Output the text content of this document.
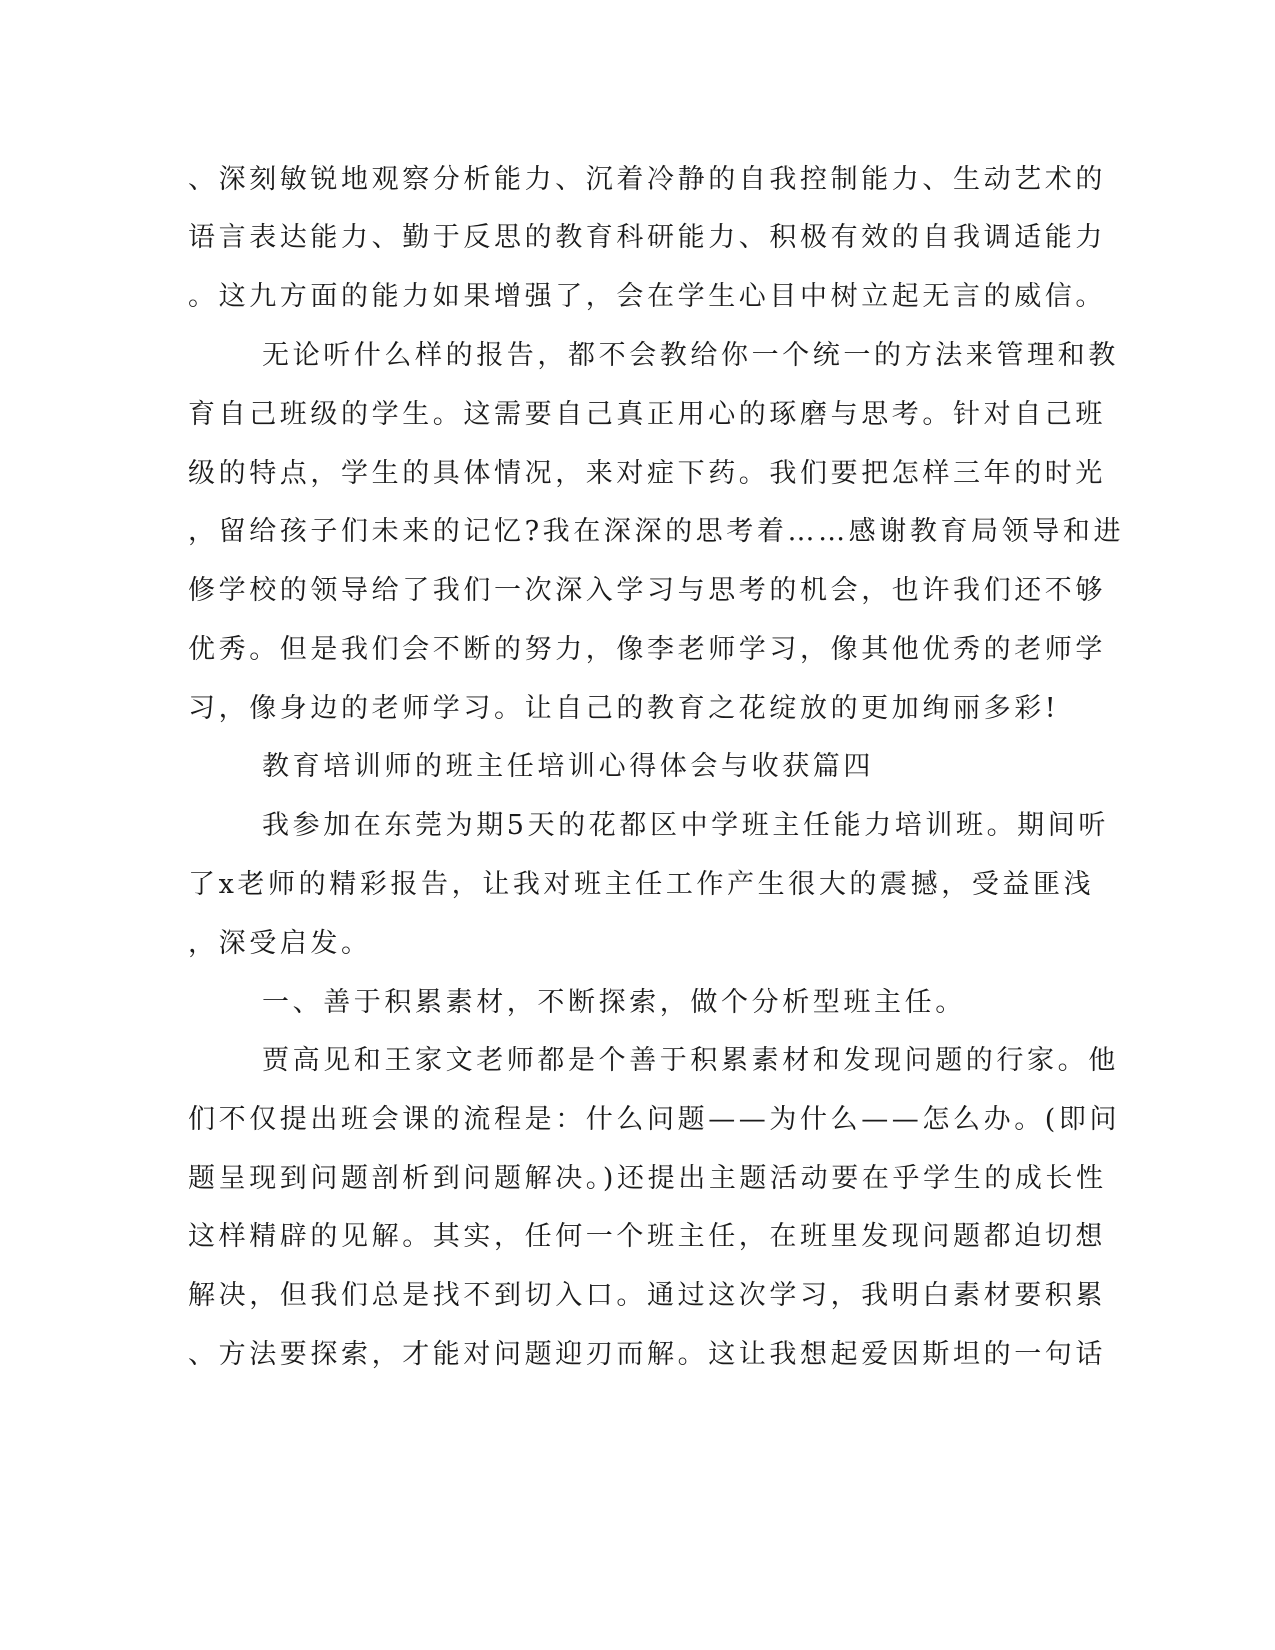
、深刻敏锐地观察分析能力、沉着冷静的自我控制能力、生动艺术的
语言表达能力、勤于反思的教育科研能力、积极有效的自我调适能力
。这九方面的能力如果增强了，会在学生心目中树立起无言的威信。
无论听什么样的报告，都不会教给你一个统一的方法来管理和教
育自己班级的学生。这需要自己真正用心的琢磨与思考。针对自己班
级的特点，学生的具体情况，来对症下药。我们要把怎样三年的时光
，留给孩子们未来的记忆?我在深深的思考着……感谢教育局领导和进
修学校的领导给了我们一次深入学习与思考的机会，也许我们还不够
优秀。但是我们会不断的努力，像李老师学习，像其他优秀的老师学
习，像身边的老师学习。让自己的教育之花绽放的更加绚丽多彩!
教育培训师的班主任培训心得体会与收获篇四
我参加在东莞为期5天的花都区中学班主任能力培训班。期间听
了x老师的精彩报告，让我对班主任工作产生很大的震撼，受益匪浅
，深受启发。
一、善于积累素材，不断探索，做个分析型班主任。
贾高见和王家文老师都是个善于积累素材和发现问题的行家。他
们不仅提出班会课的流程是：什么问题——为什么——怎么办。(即问
题呈现到问题剖析到问题解决。)还提出主题活动要在乎学生的成长性
这样精辟的见解。其实，任何一个班主任，在班里发现问题都迫切想
解决，但我们总是找不到切入口。通过这次学习，我明白素材要积累
、方法要探索，才能对问题迎刃而解。这让我想起爱因斯坦的一句话
